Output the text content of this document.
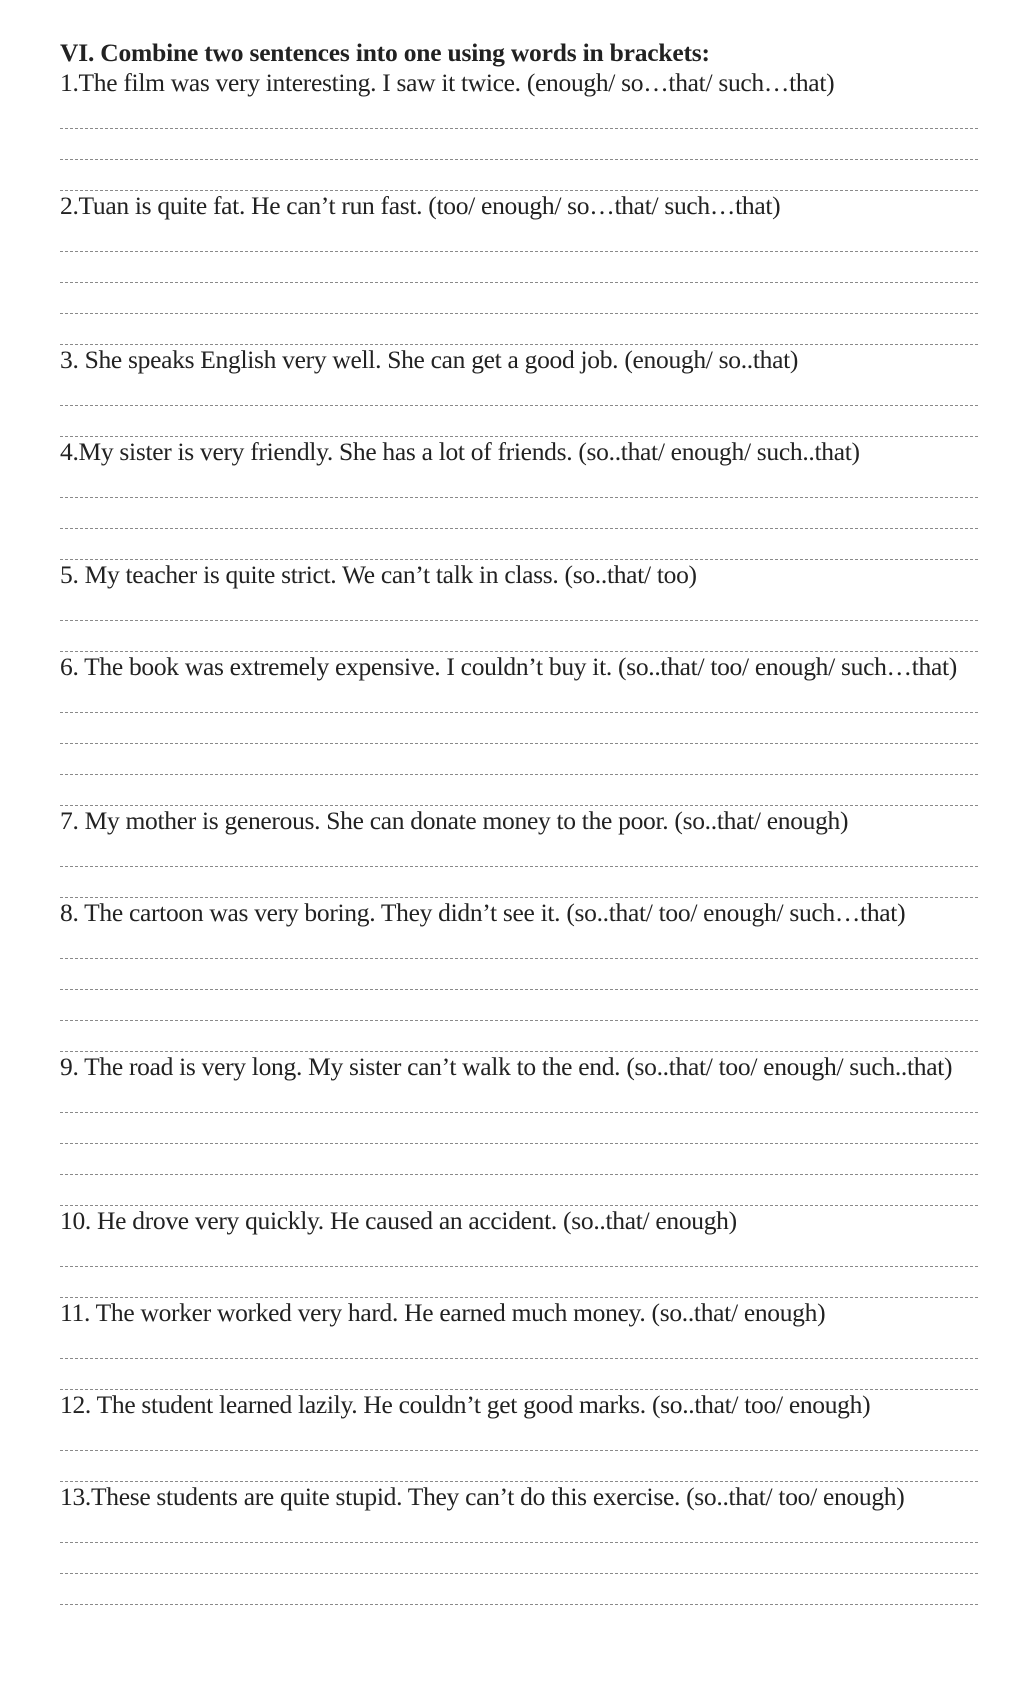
VI. Combine two sentences into one using words in brackets:
1.The film was very interesting. I saw it twice. (enough/ so…that/ such…that)
2.Tuan is quite fat. He can’t run fast. (too/ enough/ so…that/ such…that)
3. She speaks English very well. She can get a good job. (enough/ so..that)
4.My sister is very friendly. She has a lot of friends. (so..that/ enough/ such..that)
5. My teacher is quite strict. We can’t talk in class. (so..that/ too)
6. The book was extremely expensive. I couldn’t buy it. (so..that/ too/ enough/ such…that)
7. My mother is generous. She can donate money to the poor. (so..that/ enough)
8. The cartoon was very boring. They didn’t see it. (so..that/ too/ enough/ such…that)
9. The road is very long. My sister can’t walk to the end. (so..that/ too/ enough/ such..that)
10. He drove very quickly. He caused an accident. (so..that/ enough)
11. The worker worked very hard. He earned much money. (so..that/ enough)
12. The student learned lazily. He couldn’t get good marks. (so..that/ too/ enough)
13.These students are quite stupid. They can’t do this exercise. (so..that/ too/ enough)
